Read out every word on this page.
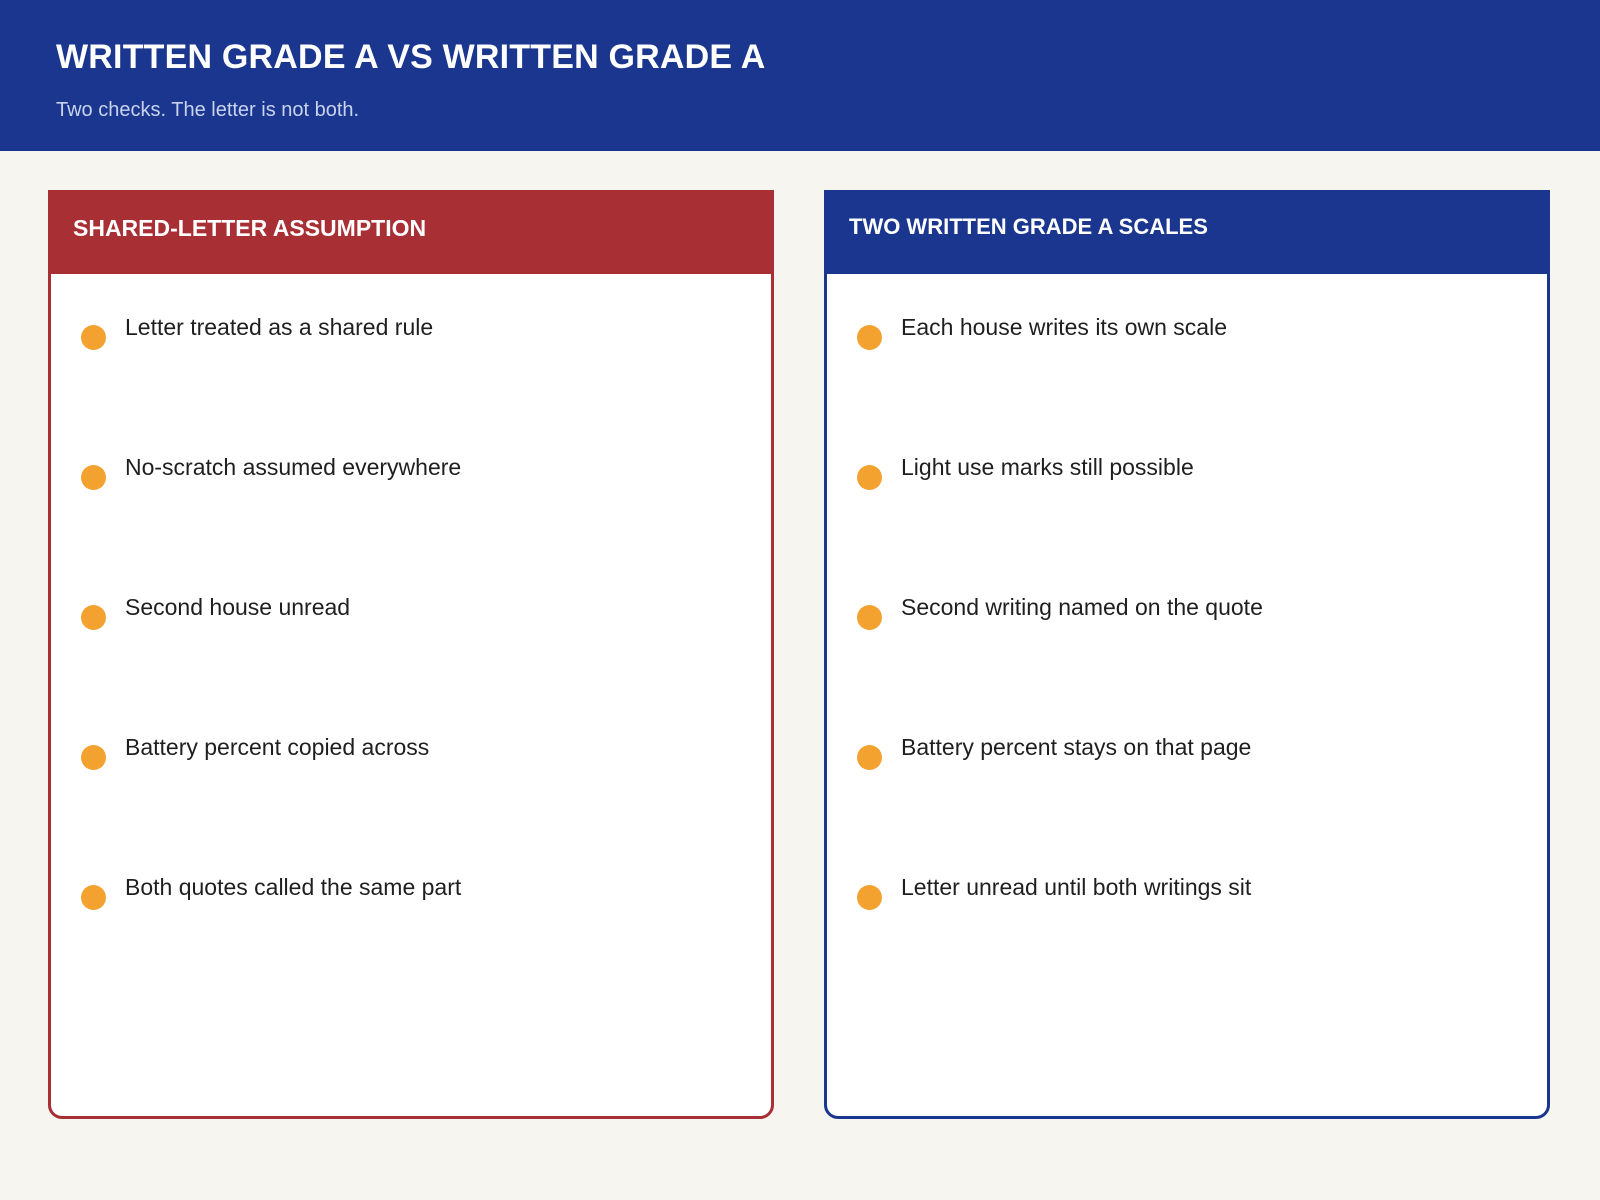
WRITTEN GRADE A VS WRITTEN GRADE A
Two checks. The letter is not both.
SHARED-LETTER ASSUMPTION
Letter treated as a shared rule
No-scratch assumed everywhere
Second house unread
Battery percent copied across
Both quotes called the same part
TWO WRITTEN GRADE A SCALES
Each house writes its own scale
Light use marks still possible
Second writing named on the quote
Battery percent stays on that page
Letter unread until both writings sit
